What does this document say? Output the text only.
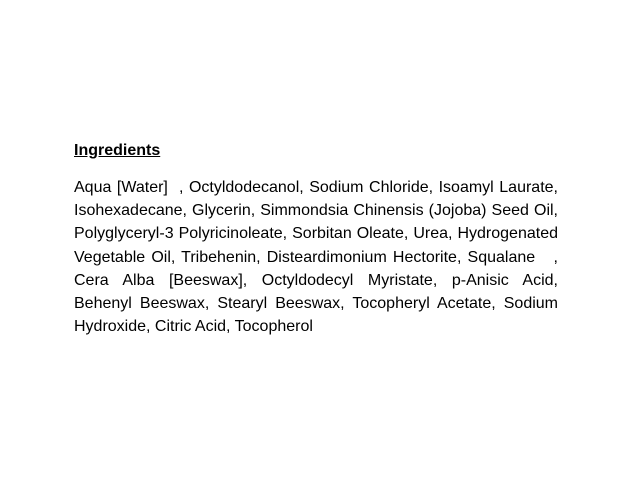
Ingredients

Aqua [Water]  , Octyldodecanol, Sodium Chloride, Isoamyl Laurate, Isohexadecane, Glycerin, Simmondsia Chinensis (Jojoba) Seed Oil, Polyglyceryl-3 Polyricinoleate, Sorbitan Oleate, Urea, Hydrogenated Vegetable Oil, Tribehenin, Disteardimonium Hectorite, Squalane   , Cera Alba [Beeswax], Octyldodecyl Myristate, p-Anisic Acid, Behenyl Beeswax, Stearyl Beeswax, Tocopheryl Acetate, Sodium Hydroxide, Citric Acid, Tocopherol
